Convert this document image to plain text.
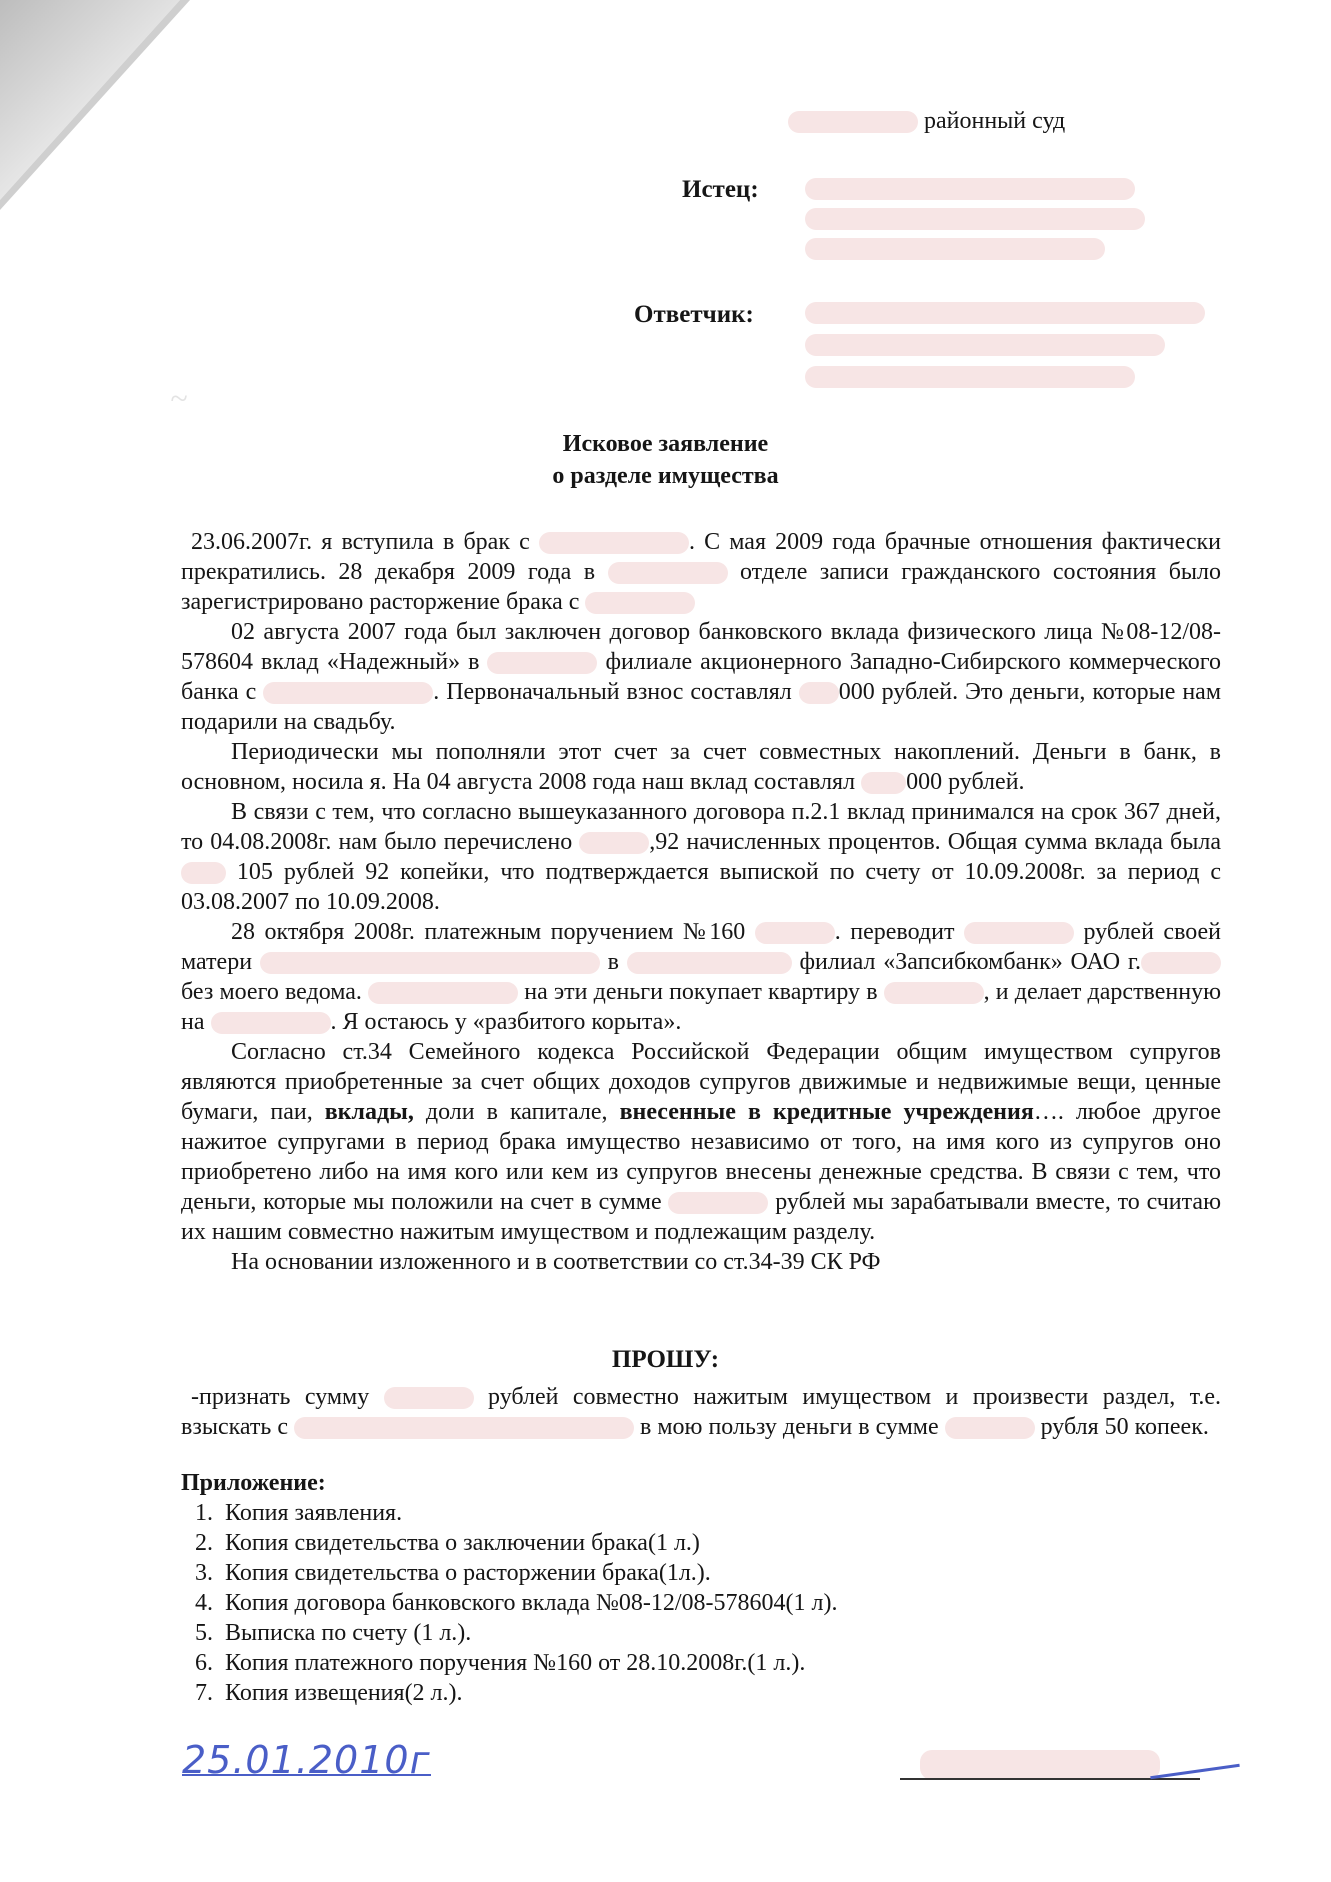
~
районный суд
Истец:
Ответчик:
Исковое заявление
о разделе имущества

23.06.2007г. я вступила в брак с	. С мая 2009 года брачные отношения фактически прекратились. 28 декабря 2009 года в	отделе записи гражданского состояния было зарегистрировано расторжение брака с

02 августа 2007 года был заключен договор банковского вклада физического лица №08-12/08-578604 вклад «Надежный» в	филиале акционерного Западно-Сибирского коммерческого банка с	. Первоначальный взнос составлял 000 рублей. Это деньги, которые нам подарили на свадьбу.

Периодически мы пополняли этот счет за счет совместных накоплений. Деньги в банк, в основном, носила я. На 04 августа 2008 года наш вклад составлял 000 рублей.

В связи с тем, что согласно вышеуказанного договора п.2.1 вклад принимался на срок 367 дней, то 04.08.2008г. нам было перечислено	,92 начисленных процентов. Общая сумма вклада была  105 рублей 92 копейки, что подтверждается выпиской по счету от 10.09.2008г. за период с 03.08.2007 по 10.09.2008.

28 октября 2008г. платежным поручением №160	. переводит	рублей своей матери	в	филиал «Запсибкомбанк» ОАО г. без моего ведома.	на эти деньги покупает квартиру в	, и делает дарственную на	. Я остаюсь у «разбитого корыта».

Согласно ст.34 Семейного кодекса Российской Федерации общим имуществом супругов являются приобретенные за счет общих доходов супругов движимые и недвижимые вещи, ценные бумаги, паи, вклады, доли в капитале, внесенные в кредитные учреждения…. любое другое нажитое супругами в период брака имущество независимо от того, на имя кого из супругов оно приобретено либо на имя кого или кем из супругов внесены денежные средства. В связи с тем, что деньги, которые мы положили на счет в сумме	рублей мы зарабатывали вместе, то считаю их нашим совместно нажитым имуществом и подлежащим разделу.

На основании изложенного и в соответствии со ст.34-39 СК РФ

ПРОШУ:

-признать сумму	рублей совместно нажитым имуществом и произвести раздел, т.е. взыскать с	в мою пользу деньги в сумме	рубля 50 копеек.

Приложение:
1. Копия заявления.
2. Копия свидетельства о заключении брака(1 л.)
3. Копия свидетельства о расторжении брака(1л.).
4. Копия договора банковского вклада №08-12/08-578604(1 л).
5. Выписка по счету (1 л.).
6. Копия платежного поручения №160 от 28.10.2008г.(1 л.).
7. Копия извещения(2 л.).
25.01.2010г
